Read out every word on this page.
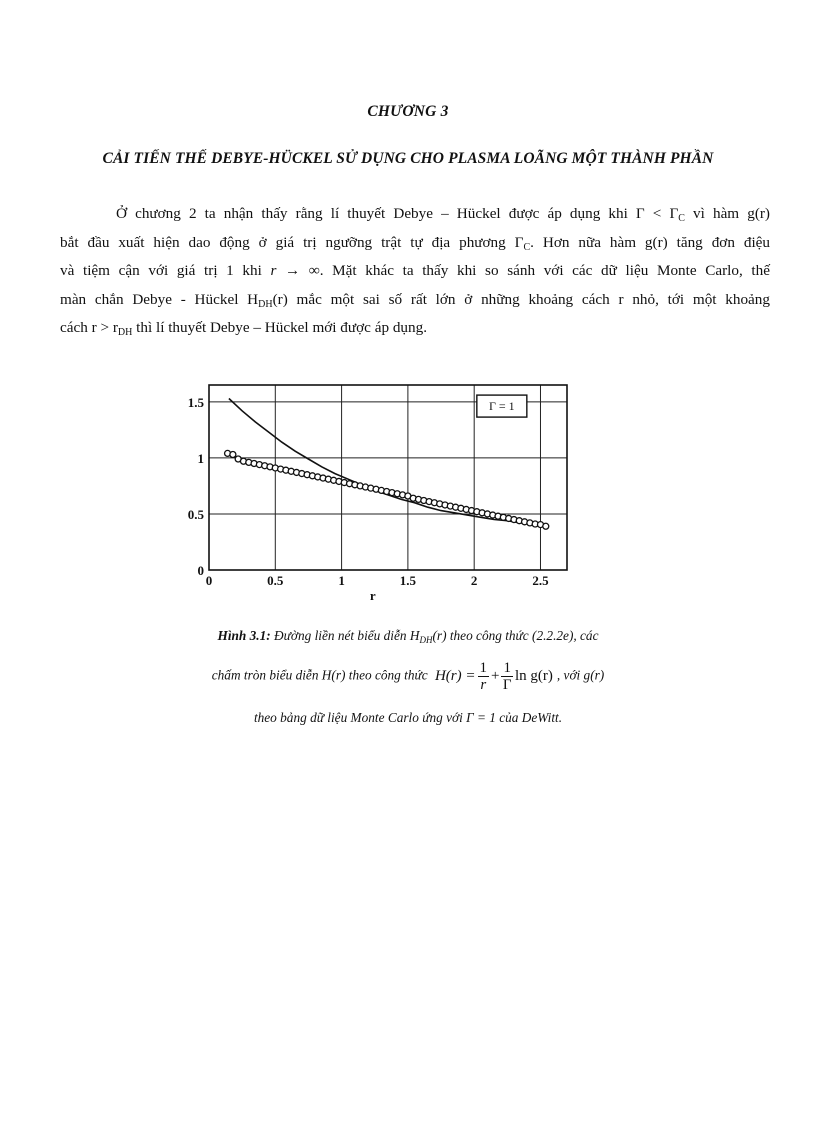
CHƯƠNG 3
CẢI TIẾN THẾ DEBYE-HÜCKEL SỬ DỤNG CHO PLASMA LOÃNG MỘT THÀNH PHẦN
Ở chương 2 ta nhận thấy rằng lí thuyết Debye – Hückel được áp dụng khi $\Gamma < \Gamma_C$ vì hàm g(r)
bắt đầu xuất hiện dao động ở giá trị ngưỡng trật tự địa phương $\Gamma_C$. Hơn nữa hàm g(r) tăng đơn điệu
và tiệm cận với giá trị 1 khi r → ∞. Mặt khác ta thấy khi so sánh với các dữ liệu Monte Carlo, thế
màn chắn Debye - Hückel $H_{DH}(r)$ mắc một sai số rất lớn ở những khoảng cách r nhỏ, tới một khoảng
cách $r > r_{DH}$ thì lí thuyết Debye – Hückel mới được áp dụng.
0	0.5	1	1.5	2	2.5
0
0.5
1
1.5
r
Γ = 1
Hình 3.1: Đường liền nét biểu diễn $H_{DH}(r)$ theo công thức (2.2.2e), các
chấm tròn biểu diễn H(r) theo công thức $H(r) = \frac{1}{r} + \frac{1}{\Gamma}$ ln g(r) , với g(r)
theo bảng dữ liệu Monte Carlo ứng với Γ = 1 của DeWitt.
